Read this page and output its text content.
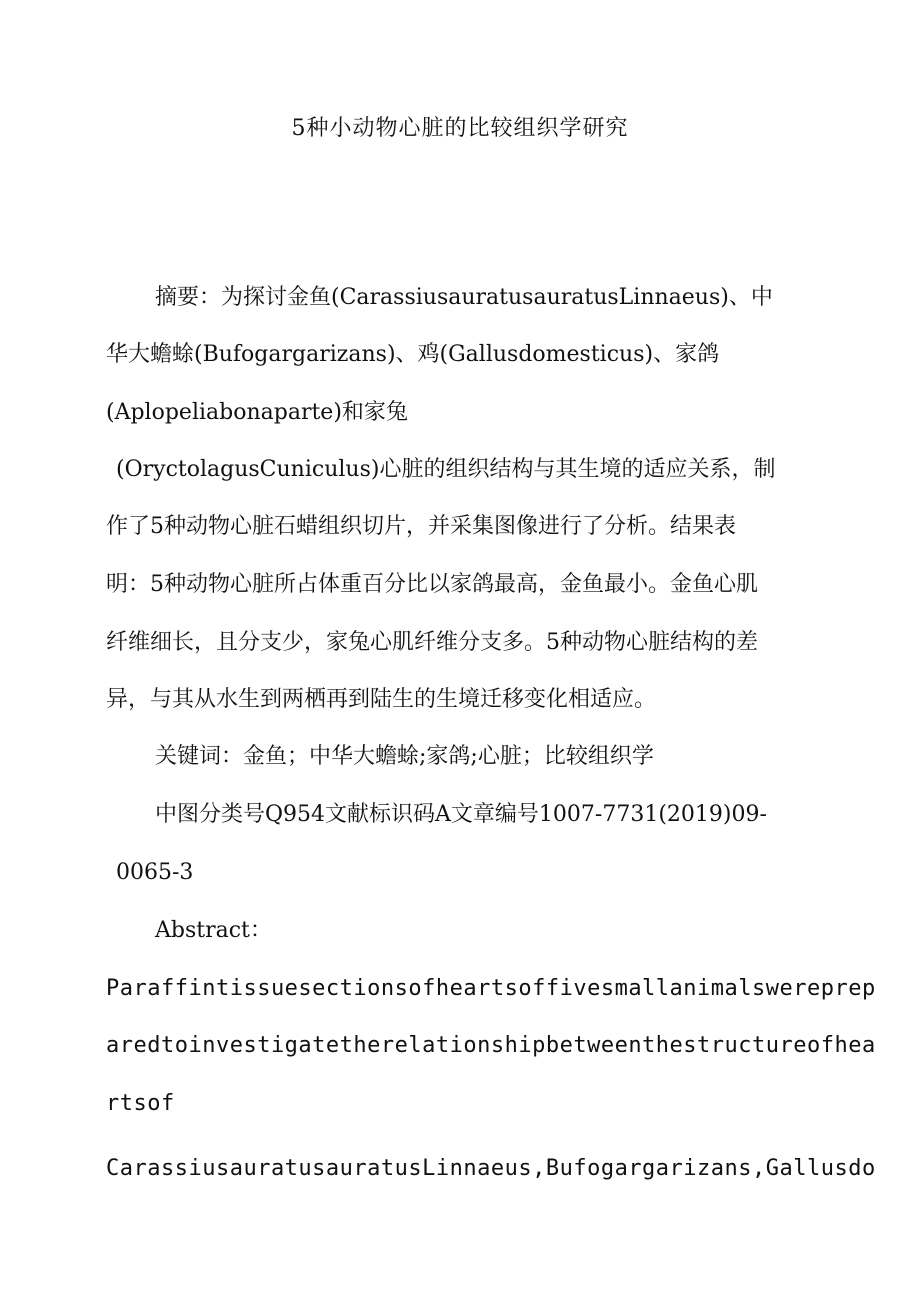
5种小动物心脏的比较组织学研究
摘要：为探讨金鱼(CarassiusauratusauratusLinnaeus)、中
华大蟾蜍(Bufogargarizans)、鸡(Gallusdomesticus)、家鸽
(Aplopeliabonaparte)和家兔
(OryctolagusCuniculus)心脏的组织结构与其生境的适应关系，制
作了5种动物心脏石蜡组织切片，并采集图像进行了分析。结果表
明：5种动物心脏所占体重百分比以家鸽最高，金鱼最小。金鱼心肌
纤维细长，且分支少，家兔心肌纤维分支多。5种动物心脏结构的差
异，与其从水生到两栖再到陆生的生境迁移变化相适应。
关键词：金鱼；中华大蟾蜍;家鸽;心脏；比较组织学
中图分类号Q954文献标识码A文章编号1007-7731(2019)09-
0065-3
Abstract：
Paraffintissuesectionsofheartsoffivesmallanimalswereprep
aredtoinvestigatetherelationshipbetweenthestructureofhea
rtsof
CarassiusauratusauratusLinnaeus,Bufogargarizans,Gallusdo
